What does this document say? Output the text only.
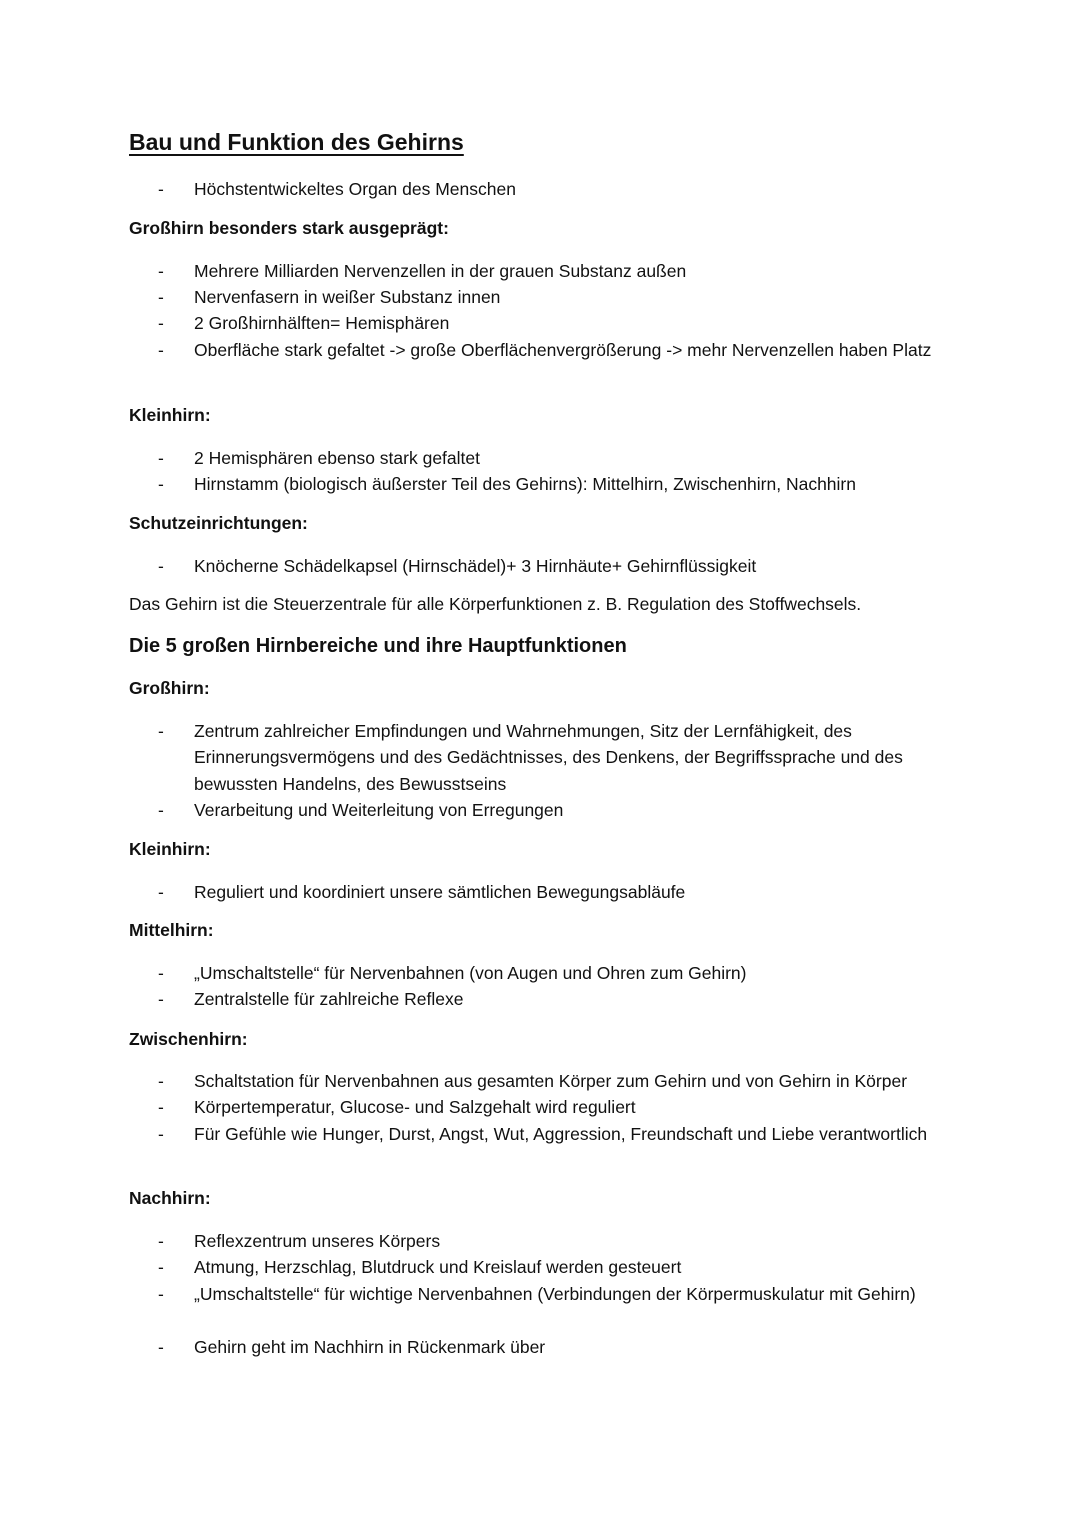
Bau und Funktion des Gehirns
- Höchstentwickeltes Organ des Menschen
Großhirn besonders stark ausgeprägt:
- Mehrere Milliarden Nervenzellen in der grauen Substanz außen
- Nervenfasern in weißer Substanz innen
- 2 Großhirnhälften= Hemisphären
- Oberfläche stark gefaltet -> große Oberflächenvergrößerung -> mehr Nervenzellen haben Platz
Kleinhirn:
- 2 Hemisphären ebenso stark gefaltet
- Hirnstamm (biologisch äußerster Teil des Gehirns): Mittelhirn, Zwischenhirn, Nachhirn
Schutzeinrichtungen:
- Knöcherne Schädelkapsel (Hirnschädel)+ 3 Hirnhäute+ Gehirnflüssigkeit

Das Gehirn ist die Steuerzentrale für alle Körperfunktionen z. B. Regulation des Stoffwechsels.

Die 5 großen Hirnbereiche und ihre Hauptfunktionen
Großhirn:
- Zentrum zahlreicher Empfindungen und Wahrnehmungen, Sitz der Lernfähigkeit, des Erinnerungsvermögens und des Gedächtnisses, des Denkens, der Begriffssprache und des bewussten Handelns, des Bewusstseins
- Verarbeitung und Weiterleitung von Erregungen
Kleinhirn:
- Reguliert und koordiniert unsere sämtlichen Bewegungsabläufe
Mittelhirn:
- „Umschaltstelle“ für Nervenbahnen (von Augen und Ohren zum Gehirn)
- Zentralstelle für zahlreiche Reflexe
Zwischenhirn:
- Schaltstation für Nervenbahnen aus gesamten Körper zum Gehirn und von Gehirn in Körper
- Körpertemperatur, Glucose- und Salzgehalt wird reguliert
- Für Gefühle wie Hunger, Durst, Angst, Wut, Aggression, Freundschaft und Liebe verantwortlich
Nachhirn:
- Reflexzentrum unseres Körpers
- Atmung, Herzschlag, Blutdruck und Kreislauf werden gesteuert
- „Umschaltstelle“ für wichtige Nervenbahnen (Verbindungen der Körpermuskulatur mit Gehirn)
- Gehirn geht im Nachhirn in Rückenmark über
